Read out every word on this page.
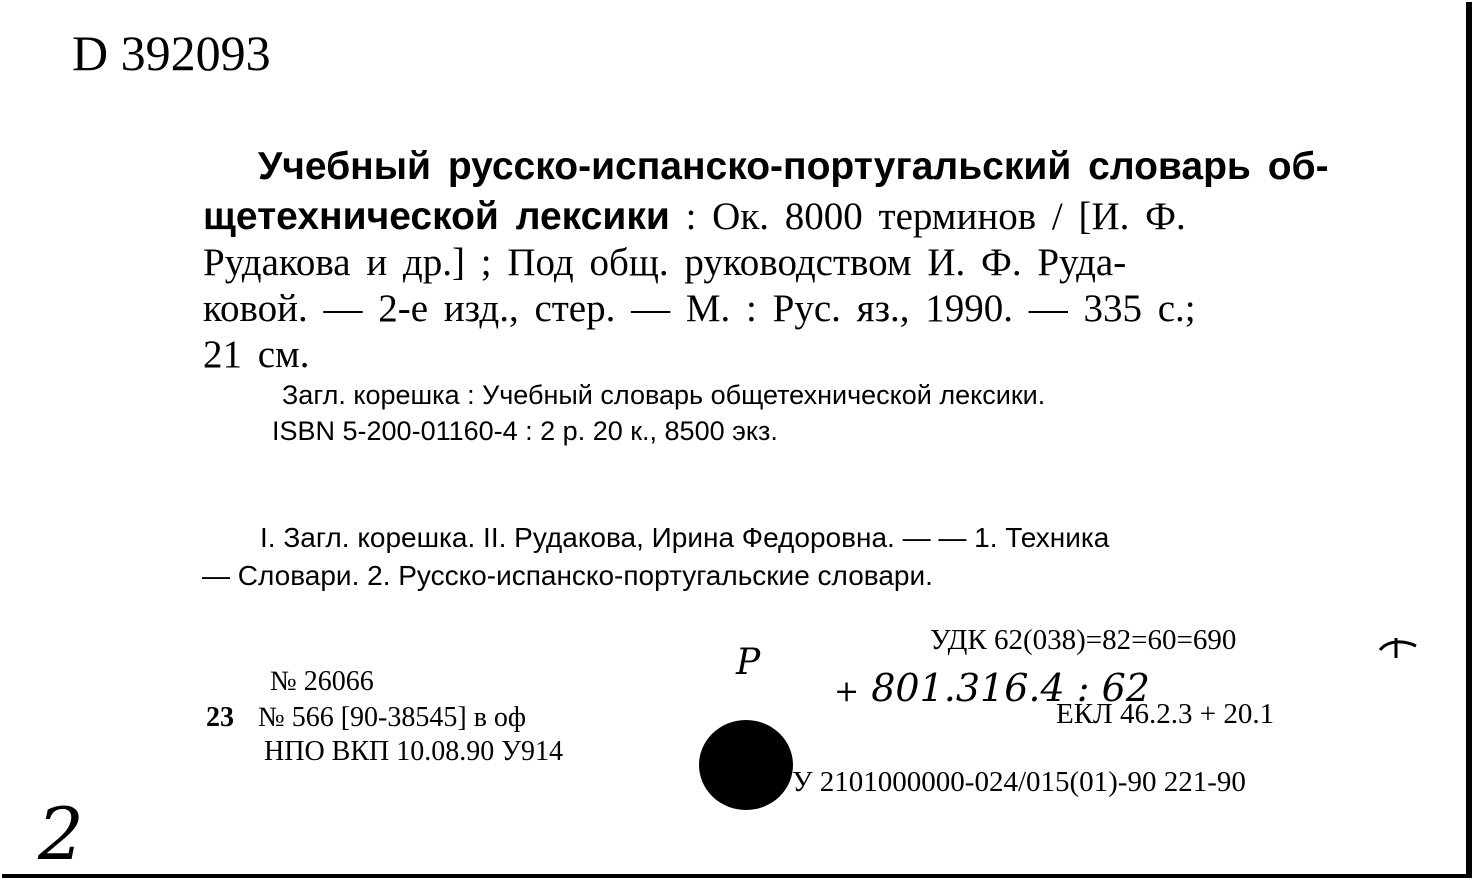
D 392093
Учебный русско-испанско-португальский словарь об-
щетехнической лексики : Ок. 8000 терминов / [И. Ф.
Рудакова и др.] ; Под общ. руководством И. Ф. Руда-
ковой. — 2-е изд., стер. — М. : Рус. яз., 1990. — 335 с.;
21 см.
Загл. корешка : Учебный словарь общетехнической лексики.
ISBN 5-200-01160-4 : 2 р. 20 к., 8500 экз.
I. Загл. корешка. II. Рудакова, Ирина Федоровна. — — 1. Техника
— Словари. 2. Русско-испанско-португальские словари.
№ 26066
23 № 566 [90-38545] в оф
НПО ВКП 10.08.90 У914
P
УДК 62(038)=82=60=690
+ 801.316.4 : 62
ЕКЛ 46.2.3 + 20.1
У 2101000000-024/015(01)-90 221-90
2
